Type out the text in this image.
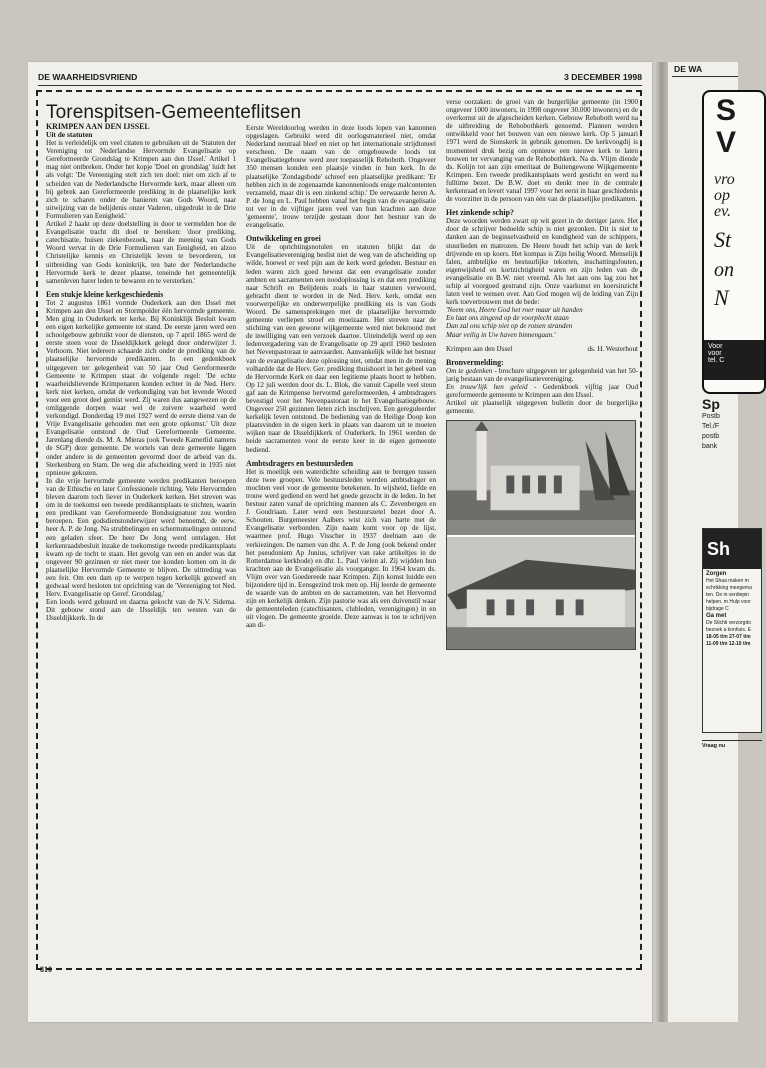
DE WAARHEIDSVRIEND	3 DECEMBER 1998
Torenspitsen-Gemeenteflitsen
KRIMPEN AAN DEN IJSSEL

Uit de statuten

Het is verleidelijk om veel citaten te gebruiken uit de 'Statuten der Vereniging tot Nederlandse Hervormde Evangelisatie op Gereformeerde Grondslag te Krimpen aan den IJssel.' Artikel 1 mag niet ontbreken. Onder het kopje 'Doel en grondslag' luidt het als volgt: 'De Vereeniging stelt zich ten doel: niet om zich af te scheiden van de Nederlandsche Hervormde kerk, maar alleen om bij gebrek aan Gereformeerde prediking in de plaatselijke kerk zich te scharen onder de banieren van Gods Woord, naar uitwijzing van de belijdenis onzer Vaderen, uitgedrukt in de Drie Formulieren van Eenigheid.'

Artikel 2 haakt op deze doelstelling in door te vermelden hoe de Evangelisatie tracht dit doel te bereiken: 'door prediking, catechisatie, huisen ziekenbezoek, naar de meening van Gods Woord vervat in de Drie Formulieren van Eenigheid, en alzoo Christelijke kennis en Christelijk leven te bevorderen, tot uitbreiding van Gods koninkrijk, ten bate der Nederlandsche Hervormde kerk te dezer plaatse, teneinde het gemeentelijk samenleven harer leden te bewaren en te versterken.'

Een stukje kleine kerkgeschiedenis

Tot 2 augustus 1861 vormde Ouderkerk aan den IJssel met Krimpen aan den IJssel en Stormpolder één hervormde gemeente. Men ging in Ouderkerk ter kerke. Bij Koninklijk Besluit kwam een eigen kerkelijke gemeente tot stand. De eerste jaren werd een schoolgebouw gebruikt voor de diensten, op 7 april 1865 werd de eerste steen voor de IJsseldijkkerk gelegd door onderwijzer J. Verhoom. Niet iedereen schaarde zich onder de prediking van de plaatselijke hervormde predikanten. In een gedenkboek uitgegeven ter gelegenheid van 50 jaar Oud Gereformeerde Gemeente te Krimpen staat de volgende regel: 'De echte waarheidslievende Krimpenaren konden echter in de Ned. Herv. kerk niet kerken, omdat de verkondiging van het levende Woord voor een groot deel gemist werd. Zij waren dus aangewezen op de omliggende dorpen waar wel de zuivere waarheid werd verkondigd. Donderdag 19 mei 1927 werd de eerste dienst van de Vrije Evangelisatie gehouden met een grote opkomst.' Uit deze Evangelisatie ontstond de Oud Gereformeerde Gemeente. Jarenlang diende ds. M. A. Mieras (ook Tweede Kamerlid namens de SGP) deze gemeente. De wortels van deze gemeente liggen onder andere in de gemeenten gevormd door de arbeid van ds. Sterkenburg en Stam. De weg die afscheiding werd in 1935 niet opnieuw gekozen.

In die vrije hervormde gemeente werden predikanten beroepen van de Ethische en later Confessionele richting. Vele Hervormden bleven daarom toch liever in Ouderkerk kerken. Het streven was om in de toekomst een tweede predikantsplaats te stichten, waarin een predikant van Gereformeerde Bondssignatuur zou worden beroepen. Een godsdienstonderwijzer werd benoemd, de eerw. heer A. P. de Jong. Na strubbelingen en schermutselingen ontstond een geladen sfeer. De heer De Jong werd ontslagen. Het kerkenraadsbesluit inzake de toekomstige tweede predikantsplaats kwam op de tocht te staan. Het gevolg van een en ander was dat ongeveer 90 gezinnen er niet meer toe konden komen om in de plaatselijke Hervormde Gemeente te blijven. De uittreding was een feit. Om een dam op te werpen tegen kerkelijk gezwerf en gedwaal werd besloten tot oprichting van de 'Vereeniging tot Ned. Herv. Evangelisatie op Geref. Grondslag.'

Een loods werd gehuurd en daarna gekocht van de N.V. Sidema. Dit gebouw stond aan de IJsseldijk ten westen van de IJsseldijkkerk. In de

Eerste Wereldoorlog werden in deze loods lopen van kanonnen opgeslagen. Gebruikt werd dit oorlogsmaterieel niet, omdat Nederland neutraal bleef en niet op het internationale strijdtoneel verscheen. De naam van de omgebouwde loods tot Evangelisatiegebouw werd zeer toepasselijk Rehoboth. Ongeveer 350 mensen konden een plaatsje vinden in hun kerk. In de plaatselijke 'Zondagsbode' schreef een plaatselijke predikant: 'Er hebben zich in de zogenaamde kanonnenloods enige malcontenten verzameld, maar dit is een zinkend schip.' De eerwaarde heren A. P. de Jong en L. Paul hebben vanaf het begin van de evangelisatie tot ver in de vijftiger jaren veel van hun krachten aan deze 'gemeente', trouw terzijde gestaan door het bestuur van de evangelisatie.

Ontwikkeling en groei

Uit de oprichtingsnotulen en statuten blijkt dat de Evangelisatievereniging beslist niet de weg van de afscheiding op wilde, hoewel er veel pijn aan de kerk werd geleden. Bestuur en leden waren zich goed bewust dat een evangelisatie zonder ambten en sacramenten een noodoplossing is en dat een prediking naar Schrift en Belijdenis zoals in haar statuten verwoord, gebracht dient te worden in de Ned. Herv. kerk, omdat een voorwerpelijke en onderwerpelijke prediking eis is van Gods Woord. De samensprekingen met de plaatselijke hervormde gemeente verliepen stroef en moeizaam. Het streven naar de stichting van een gewone wijkgemeente werd niet bekroond met de inwilliging van een verzoek daartoe. Uiteindelijk werd op een ledenvergadering van de Evangelisatie op 29 april 1960 besloten het Nevenpastoraat te aanvaarden. Aanvankelijk wilde het bestuur van de evangelisatie deze oplossing niet, omdat men in de mening volhardde dat de Herv. Ger. prediking thuishoort in het geheel van de Hervormde Kerk en daar een legitieme plaats hoort te hebben. Op 12 juli werden door ds. L. Blok, die vanuit Capelle veel steun gaf aan de Krimpense hervormd gereformeerden, 4 ambtsdragers bevestigd voor het Nevenpastoraat in het Evangelisatiegebouw. Ongeveer 250 gezinnen lieten zich inschrijven. Een gereguleerder kerkelijk leven ontstond. De bediening van de Heilige Doop kon plaatsvinden in de eigen kerk in plaats van daarom uit te moeten wijken naar de IJsseldijkkerk of Ouderkerk. In 1961 werden de beide sacramenten voor de eerste keer in de eigen gemeente bediend.

Ambtsdragers en bestuursleden

Het is moeilijk een waterdichte scheiding aan te brengen tussen deze twee groepen. Vele bestuursleden werden ambtsdrager en mochten veel voor de gemeente betekenen. In wijsheid, liefde en trouw werd gediend en werd het goede gezocht in de leden. In het bestuur zaten vanaf de oprichting mannen als C. Zevenbergen en J. Goudriaan. Later werd een bestuurszetel bezet door A. Schouten. Burgemeester Aalbers wist zich van harte met de Evangelisatie verbonden. Zijn naam komt voor op de lijst, waarmee prof. Hugo Visscher in 1937 deelnam aan de verkiezingen. De namen van dhr. A. P. de Jong (ook bekend onder het pseudoniem Ap Junius, schrijver van rake artikeltjes in de Rotterdamse kerkbode) en dhr. L. Paul vielen al. Zij wijdden hun krachten aan de Evangelisatie als voorganger. In 1964 kwam ds. Vlijm over van Goedereede naar Krimpen. Zijn komst luidde een bijzondere tijd in. Eensgezind trok men op. Hij leerde de gemeente de waarde van de ambten en de sacramenten, van het Hervormd zijn en kerkelijk denken. Zijn pastorie was als een duivenstil waar de gemeenteleden (catechisanten, clubleden, verenigingen) in en uit vlogen. De gemeente groeide. Deze aanwas is toe te schrijven aan di-

verse oorzaken: de groei van de burgerlijke gemeente (in 1900 ongeveer 1000 inwoners, in 1998 ongeveer 30.000 inwoners) en de overkomst uit de afgescheiden kerken. Gebouw Rehoboth werd na de uitbreiding de Rehobothkerk genoemd. Plannen werden ontwikkeld voor het bouwen van een nieuwe kerk. Op 5 januari 1971 werd de Sionskerk in gebruik genomen. De kerkvoogdij is momenteel druk bezig om opnieuw een nieuwe kerk te laten bouwen ter vervanging van de Rehobothkerk. Na ds. Vlijm diende ds. Kolijn tot aan zijn emeritaat de Buitengewone Wijkgemeente Krimpen. Een tweede predikantsplaats werd gesticht en werd na fulltime bezet. De B.W. doet en denkt mee in de centrale kerkenraad en levert vanaf 1997 voor het eerst in haar geschiedenis de voorzitter in de persoon van één van de plaatselijke predikanten.

Het zinkende schip?

Deze woorden werden zwart op wit gezet in de dertiger jaren. Het door de schrijver bedoelde schip is niet gezonken. Dit is niet te danken aan de beginselvastheid en kundigheid van de schippers, stuurlieden en matrozen. De Heere houdt het schip van de kerk drijvende en op koers. Het kompas is Zijn heilig Woord. Menselijk falen, ambtelijke en bestuurlijke tekorten, inschattingsfouten, eigenwijsheid en kortzichtigheid waren en zijn leden van de evangelisatie en B.W. niet vreemd. Als het aan ons lag zou het schip al voorgoed gestrand zijn. Onze vaarkunst en koersinzicht laten veel te wensen over. Aan God mogen wij de leiding van Zijn kerk toevertrouwen met de bede:

'Neem ons, Heere God het roer maar uit handen
En laat ons zingend op de voorplecht staan
Dan zal ons schip niet op de rotsen stranden
Maar veilig in Uw haven binnengaan.'

Krimpen aan den IJssel	ds. H. Westerhout
Bronvermelding:

Om te gedenken - brochure uitgegeven ter gelegenheid van het 50-jarig bestaan van de evangelisatievereniging.

En trouw'lijk hen geleid - Gedenkboek vijftig jaar Oud gereformeerde gemeente te Krimpen aan den IJssel.

Artikel uit plaatselijk uitgegeven bulletin door de burgerlijke gemeente.

810
DE WA
S
V
vro
op
ev.
St
on
N
Voor
voor
tel. C
Sp
Postb
Tel./F
postb
bank
Sh
Zorgen
Het Shaa maken m schrikking meegema ten. De in verdiepin helpen. m Hulp voor bijdrage C
Ga met
De Stichti verzorgdo bezoek a konhuis. E
18-05 t/m 27-07 t/m 11-09 t/m 12-10 t/m
Vraag nu
